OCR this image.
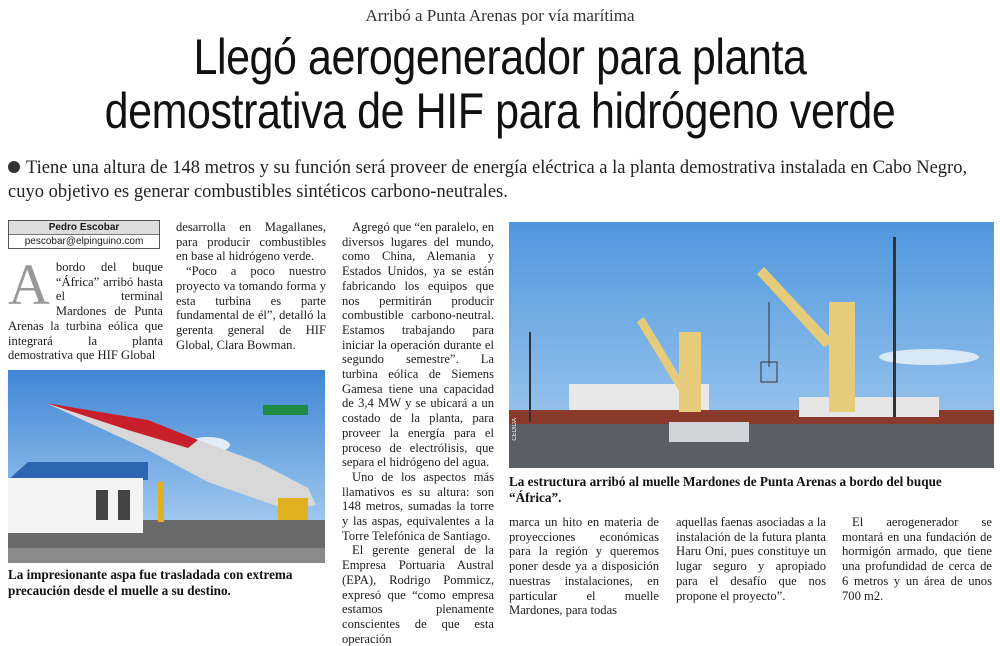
Arribó a Punta Arenas por vía marítima
Llegó aerogenerador para planta
demostrativa de HIF para hidrógeno verde
Tiene una altura de 148 metros y su función será proveer de energía eléctrica a la planta demostrativa instalada en Cabo Negro, cuyo objetivo es generar combustibles sintéticos carbono-neutrales.
Pedro Escobar
pescobar@elpinguino.com
A bordo del buque “África” arribó hasta el terminal Mardones de Punta Arenas la turbina eólica que integrará la planta demostrativa que HIF Global

desarrolla en Magallanes, para producir combustibles en base al hidrógeno verde.

“Poco a poco nuestro proyecto va tomando forma y esta turbina es parte fundamental de él”, detalló la gerenta general de HIF Global, Clara Bowman.

Agregó que “en paralelo, en diversos lugares del mundo, como China, Alemania y Estados Unidos, ya se están fabricando los equipos que nos permitirán producir combustible carbono-neutral. Estamos trabajando para iniciar la operación durante el segundo semestre”. La turbina eólica de Siemens Gamesa tiene una capacidad de 3,4 MW y se ubicará a un costado de la planta, para proveer la energía para el proceso de electrólisis, que separa el hidrógeno del agua.

Uno de los aspectos más llamativos es su altura: son 148 metros, sumadas la torre y las aspas, equivalentes a la Torre Telefónica de Santiago.

El gerente general de la Empresa Portuaria Austral (EPA), Rodrigo Pommicz, expresó que “como empresa estamos plenamente conscientes de que esta operación

marca un hito en materia de proyecciones económicas para la región y queremos poner desde ya a disposición nuestras instalaciones, en particular el muelle Mardones, para todas

aquellas faenas asociadas a la instalación de la futura planta Haru Oni, pues constituye un lugar seguro y apropiado para el desafío que nos propone el proyecto”.

El aerogenerador se montará en una fundación de hormigón armado, que tiene una profundidad de cerca de 6 metros y un área de unos 700 m2.

La impresionante aspa fue trasladada con extrema precaución desde el muelle a su destino.
CEDIDA
La estructura arribó al muelle Mardones de Punta Arenas a bordo del buque “África”.
